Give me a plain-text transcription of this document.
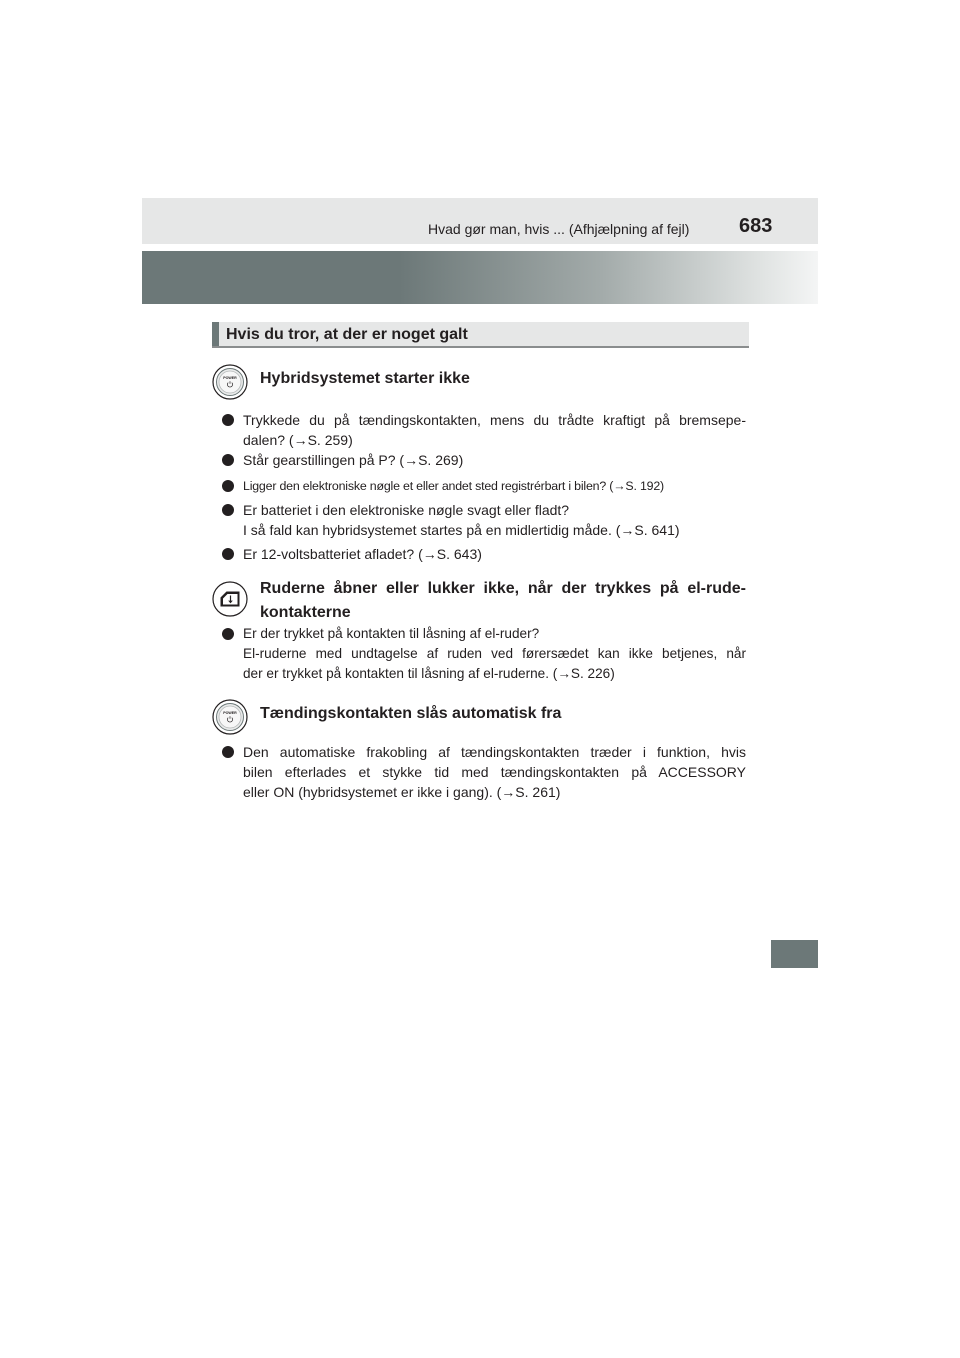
Hvad gør man, hvis ... (Afhjælpning af fejl) 683
Hvis du tror, at der er noget galt
POWER Hybridsystemet starter ikke
Trykkede du på tændingskontakten, mens du trådte kraftigt på bremsepe-
dalen? (→S. 259)
Står gearstillingen på P? (→S. 269)
Ligger den elektroniske nøgle et eller andet sted registrérbart i bilen? (→S. 192)
Er batteriet i den elektroniske nøgle svagt eller fladt?
I så fald kan hybridsystemet startes på en midlertidig måde. (→S. 641)
Er 12-voltsbatteriet afladet? (→S. 643)
Ruderne åbner eller lukker ikke, når der trykkes på el-rude-
kontakterne
Er der trykket på kontakten til låsning af el-ruder?
El-ruderne med undtagelse af ruden ved førersædet kan ikke betjenes, når
der er trykket på kontakten til låsning af el-ruderne. (→S. 226)
POWER Tændingskontakten slås automatisk fra
Den automatiske frakobling af tændingskontakten træder i funktion, hvis
bilen efterlades et stykke tid med tændingskontakten på ACCESSORY
eller ON (hybridsystemet er ikke i gang). (→S. 261)
